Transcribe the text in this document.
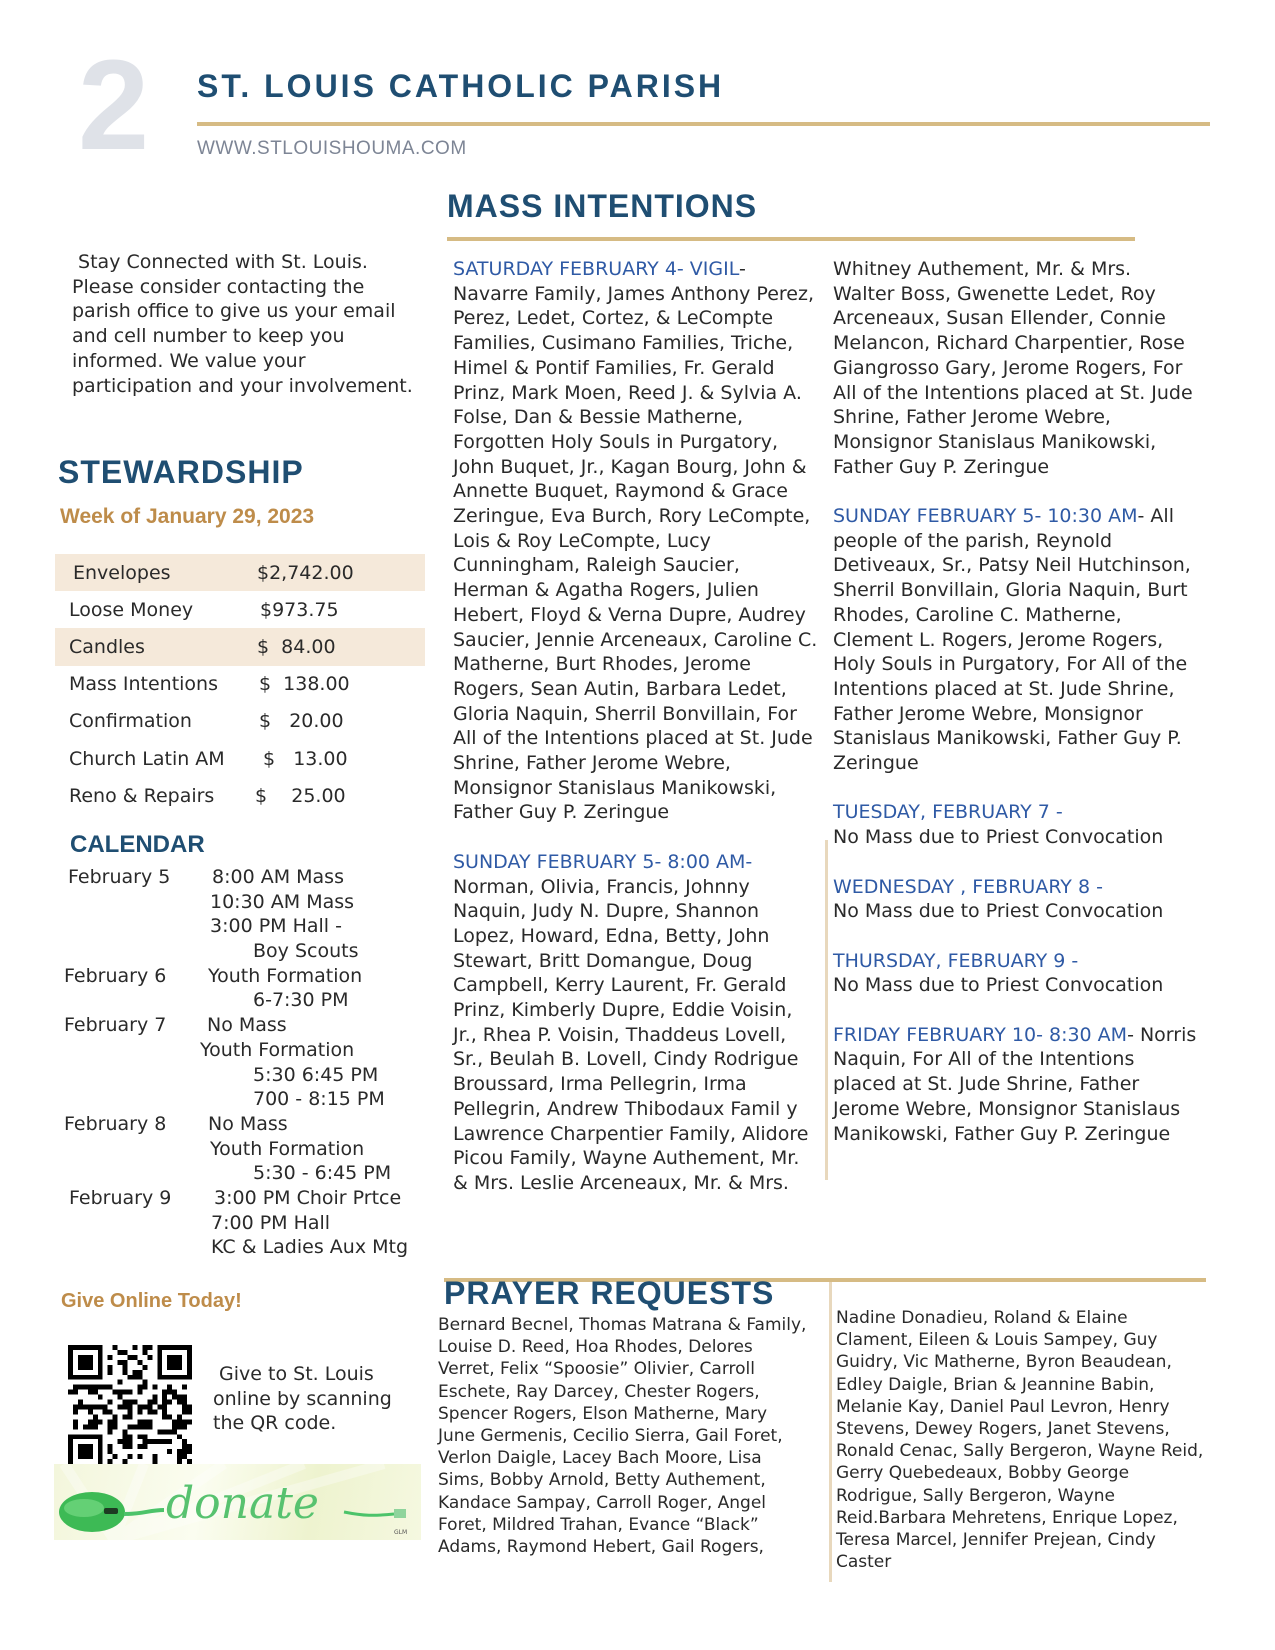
2 ST. LOUIS CATHOLIC PARISH
WWW.STLOUISHOUMA.COM
MASS INTENTIONS
Stay Connected with St. Louis. Please consider contacting the parish office to give us your email and cell number to keep you informed. We value your participation and your involvement.
STEWARDSHIP
Week of January 29, 2023
Envelopes	$2,742.00
Loose Money	$973.75
Candles	$  84.00
Mass Intentions $  138.00
Confirmation	$   20.00
Church Latin AM $   13.00
Reno & Repairs $    25.00
CALENDAR
February 5 8:00 AM Mass
10:30 AM Mass
3:00 PM Hall -
Boy Scouts
February 6 Youth Formation
6-7:30 PM
February 7 No Mass
Youth Formation
5:30 6:45 PM
700 - 8:15 PM
February 8 No Mass
Youth Formation
5:30 - 6:45 PM
February 9 3:00 PM Choir Prtce
7:00 PM Hall
KC & Ladies Aux Mtg
Give Online Today!
Give to St. Louis online by scanning the QR code.
donate
GLM
SATURDAY FEBRUARY 4- VIGIL- Navarre Family, James Anthony Perez, Perez, Ledet, Cortez, & LeCompte Families, Cusimano Families, Triche, Himel & Pontif Families, Fr. Gerald Prinz, Mark Moen, Reed J. & Sylvia A. Folse, Dan & Bessie Matherne, Forgotten Holy Souls in Purgatory, John Buquet, Jr., Kagan Bourg, John & Annette Buquet, Raymond & Grace Zeringue, Eva Burch, Rory LeCompte, Lois & Roy LeCompte, Lucy Cunningham, Raleigh Saucier, Herman & Agatha Rogers, Julien Hebert, Floyd & Verna Dupre, Audrey Saucier, Jennie Arceneaux, Caroline C. Matherne, Burt Rhodes, Jerome Rogers, Sean Autin, Barbara Ledet, Gloria Naquin, Sherril Bonvillain, For All of the Intentions placed at St. Jude Shrine, Father Jerome Webre, Monsignor Stanislaus Manikowski, Father Guy P. Zeringue
SUNDAY FEBRUARY 5- 8:00 AM- Norman, Olivia, Francis, Johnny Naquin, Judy N. Dupre, Shannon Lopez, Howard, Edna, Betty, John Stewart, Britt Domangue, Doug Campbell, Kerry Laurent, Fr. Gerald Prinz, Kimberly Dupre, Eddie Voisin, Jr., Rhea P. Voisin, Thaddeus Lovell, Sr., Beulah B. Lovell, Cindy Rodrigue Broussard, Irma Pellegrin, Irma Pellegrin, Andrew Thibodaux Famil y Lawrence Charpentier Family, Alidore Picou Family, Wayne Authement, Mr. & Mrs. Leslie Arceneaux, Mr. & Mrs.
Whitney Authement, Mr. & Mrs. Walter Boss, Gwenette Ledet, Roy Arceneaux, Susan Ellender, Connie Melancon, Richard Charpentier, Rose Giangrosso Gary, Jerome Rogers, For All of the Intentions placed at St. Jude Shrine, Father Jerome Webre, Monsignor Stanislaus Manikowski, Father Guy P. Zeringue
SUNDAY FEBRUARY 5- 10:30 AM- All people of the parish, Reynold Detiveaux, Sr., Patsy Neil Hutchinson, Sherril Bonvillain, Gloria Naquin, Burt Rhodes, Caroline C. Matherne, Clement L. Rogers, Jerome Rogers, Holy Souls in Purgatory, For All of the Intentions placed at St. Jude Shrine, Father Jerome Webre, Monsignor Stanislaus Manikowski, Father Guy P. Zeringue
TUESDAY, FEBRUARY 7 -
No Mass due to Priest Convocation
WEDNESDAY , FEBRUARY 8 -
No Mass due to Priest Convocation
THURSDAY, FEBRUARY 9 -
No Mass due to Priest Convocation
FRIDAY FEBRUARY 10- 8:30 AM- Norris Naquin, For All of the Intentions placed at St. Jude Shrine, Father Jerome Webre, Monsignor Stanislaus Manikowski, Father Guy P. Zeringue
PRAYER REQUESTS
Bernard Becnel, Thomas Matrana & Family, Louise D. Reed, Hoa Rhodes, Delores Verret, Felix “Spoosie” Olivier, Carroll Eschete, Ray Darcey, Chester Rogers, Spencer Rogers, Elson Matherne, Mary June Germenis, Cecilio Sierra, Gail Foret, Verlon Daigle, Lacey Bach Moore, Lisa Sims, Bobby Arnold, Betty Authement, Kandace Sampay, Carroll Roger, Angel Foret, Mildred Trahan, Evance “Black” Adams, Raymond Hebert, Gail Rogers,
Nadine Donadieu, Roland & Elaine Clament, Eileen & Louis Sampey, Guy Guidry, Vic Matherne, Byron Beaudean, Edley Daigle, Brian & Jeannine Babin, Melanie Kay, Daniel Paul Levron, Henry Stevens, Dewey Rogers, Janet Stevens, Ronald Cenac, Sally Bergeron, Wayne Reid, Gerry Quebedeaux, Bobby George Rodrigue, Sally Bergeron, Wayne Reid.Barbara Mehretens, Enrique Lopez, Teresa Marcel, Jennifer Prejean, Cindy Caster
